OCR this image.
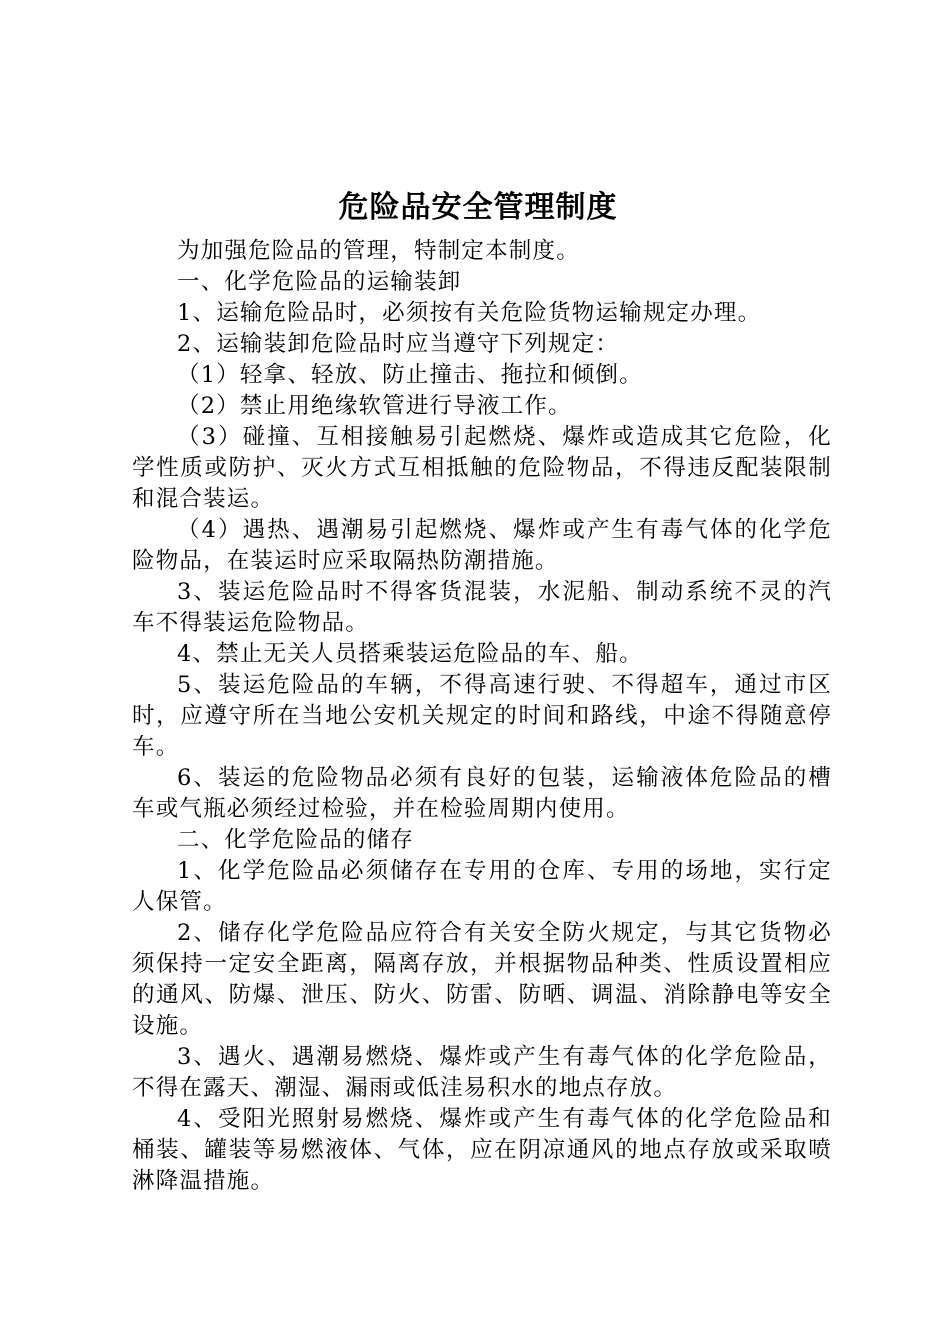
危险品安全管理制度

为加强危险品的管理，特制定本制度。

一、化学危险品的运输装卸

1、运输危险品时，必须按有关危险货物运输规定办理。

2、运输装卸危险品时应当遵守下列规定：

（1）轻拿、轻放、防止撞击、拖拉和倾倒。

（2）禁止用绝缘软管进行导液工作。

（3）碰撞、互相接触易引起燃烧、爆炸或造成其它危险，化学性质或防护、灭火方式互相抵触的危险物品，不得违反配装限制和混合装运。

（4）遇热、遇潮易引起燃烧、爆炸或产生有毒气体的化学危险物品，在装运时应采取隔热防潮措施。

3、装运危险品时不得客货混装，水泥船、制动系统不灵的汽车不得装运危险物品。

4、禁止无关人员搭乘装运危险品的车、船。

5、装运危险品的车辆，不得高速行驶、不得超车，通过市区时，应遵守所在当地公安机关规定的时间和路线，中途不得随意停车。

6、装运的危险物品必须有良好的包装，运输液体危险品的槽车或气瓶必须经过检验，并在检验周期内使用。

二、化学危险品的储存

1、化学危险品必须储存在专用的仓库、专用的场地，实行定人保管。

2、储存化学危险品应符合有关安全防火规定，与其它货物必须保持一定安全距离，隔离存放，并根据物品种类、性质设置相应的通风、防爆、泄压、防火、防雷、防晒、调温、消除静电等安全设施。

3、遇火、遇潮易燃烧、爆炸或产生有毒气体的化学危险品，不得在露天、潮湿、漏雨或低洼易积水的地点存放。

4、受阳光照射易燃烧、爆炸或产生有毒气体的化学危险品和桶装、罐装等易燃液体、气体，应在阴凉通风的地点存放或采取喷淋降温措施。
